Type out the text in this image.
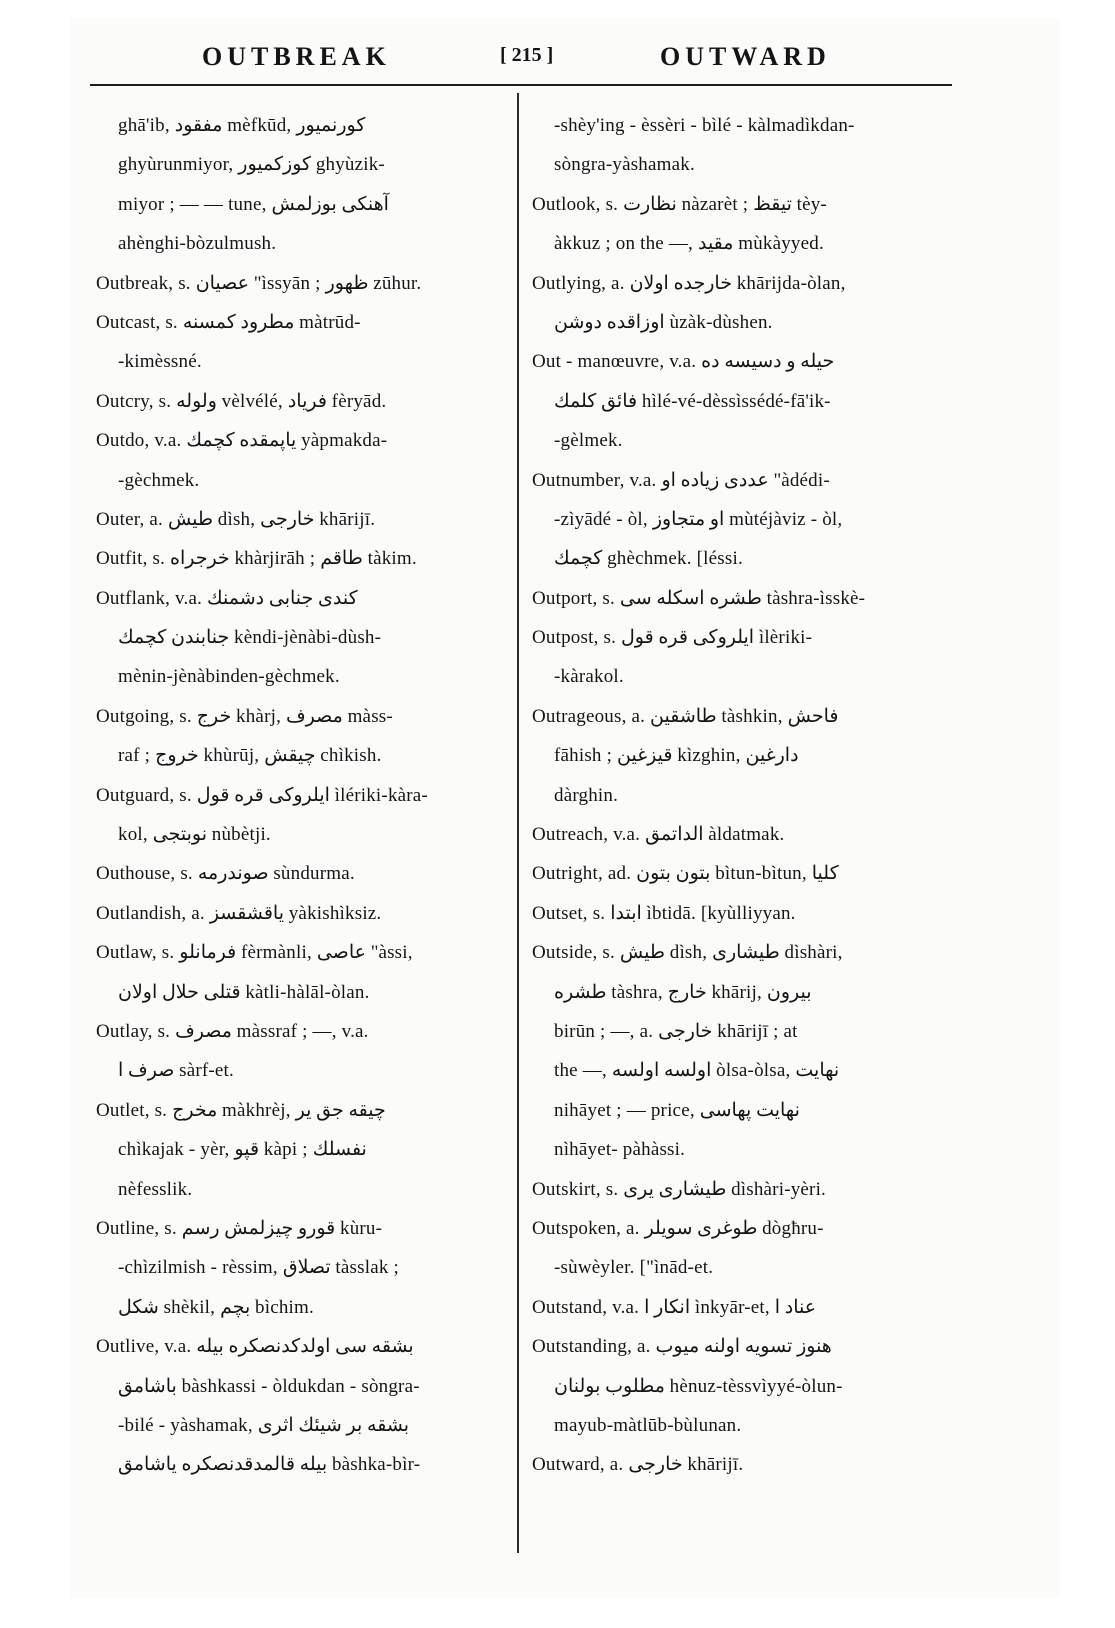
OUTBREAK	[ 215 ]	OUTWARD
ghā'ib, مفقود mèfkūd, كورنميور
ghyùrunmiyor, كوزكميور ghyùzik-
miyor ; — — tune, آهنكى بوزلمش
ahènghi-bòzulmush.
Outbreak, s. عصيان "ìssyān ; ظهور zūhur.
Outcast, s. مطرود كمسنه màtrūd-
-kimèssné.
Outcry, s. ولوله vèlvélé, فرياد fèryād.
Outdo, v.a. ياپمقده كچمك yàpmakda-
-gèchmek.
Outer, a. طيش dìsh, خارجى khārijī.
Outfit, s. خرجراه khàrjirāh ; طاقم tàkim.
Outflank, v.a. كندى جنابى دشمنك
جنابندن كچمك kèndi-jènàbi-dùsh-
mènin-jènàbinden-gèchmek.
Outgoing, s. خرج khàrj, مصرف màss-
raf ; خروج khùrūj, چيقش chìkish.
Outguard, s. ايلروكى قره قول ìlériki-kàra-
kol, نوبتجى nùbètji.
Outhouse, s. صوندرمه sùndurma.
Outlandish, a. ياقشقسز yàkishìksiz.
Outlaw, s. فرمانلو fèrmànli, عاصى "àssi,
قتلى حلال اولان kàtli-hàlāl-òlan.
Outlay, s. مصرف màssraf ; —, v.a.
صرف ا sàrf-et.
Outlet, s. مخرج màkhrèj, چيقه جق ير
chìkajak - yèr, قپو kàpi ; نفسلك
nèfesslik.
Outline, s. قورو چيزلمش رسم kùru-
-chìzilmish - rèssim, تصلاق tàsslak ;
شكل shèkil, بچم bìchim.
Outlive, v.a. بشقه سى اولدكدنصكره بيله
باشامق bàshkassi - òldukdan - sòngra-
-bilé - yàshamak, بشقه بر شيئك اثرى
بيله قالمدقدنصكره ياشامق bàshka-bìr-
-shèy'ing - èssèri - bìlé - kàlmadìkdan-
sòngra-yàshamak.
Outlook, s. نظارت nàzarèt ; تيقظ tèy-
àkkuz ; on the —, مقيد mùkàyyed.
Outlying, a. خارجده اولان khārijda-òlan,
اوزاقده دوشن ùzàk-dùshen.
Out - manœuvre, v.a. حيله و دسيسه ده
فائق كلمك hìlé-vé-dèssìssédé-fā'ik-
-gèlmek.
Outnumber, v.a. عددى زياده او "àdédi-
-zìyādé - òl, او متجاوز mùtéjàviz - òl,
كچمك ghèchmek. [léssi.
Outport, s. طشره اسكله سى tàshra-ìsskè-
Outpost, s. ايلروكى قره قول ìlèriki-
-kàrakol.
Outrageous, a. طاشقين tàshkin, فاحش
fāhish ; قيزغين kìzghin, دارغين
dàrghin.
Outreach, v.a. الداتمق àldatmak.
Outright, ad. بتون بتون bìtun-bìtun, كليا
Outset, s. ابتدا ìbtidā. [kyùlliyyan.
Outside, s. طيش dìsh, طيشارى dìshàri,
طشره tàshra, خارج khārij, بيرون
birūn ; —, a. خارجى khārijī ; at
the —, اولسه اولسه òlsa-òlsa, نهايت
nihāyet ; — price, نهايت پهاسى
nìhāyet- pàhàssi.
Outskirt, s. طيشارى يرى dìshàri-yèri.
Outspoken, a. طوغرى سويلر dògħru-
-sùwèyler. ["ìnād-et.
Outstand, v.a. انكار ا ìnkyār-et, عناد ا
Outstanding, a. هنوز تسويه اولنه ميوب
مطلوب بولنان hènuz-tèssvìyyé-òlun-
mayub-màtlūb-bùlunan.
Outward, a. خارجى khārijī.
